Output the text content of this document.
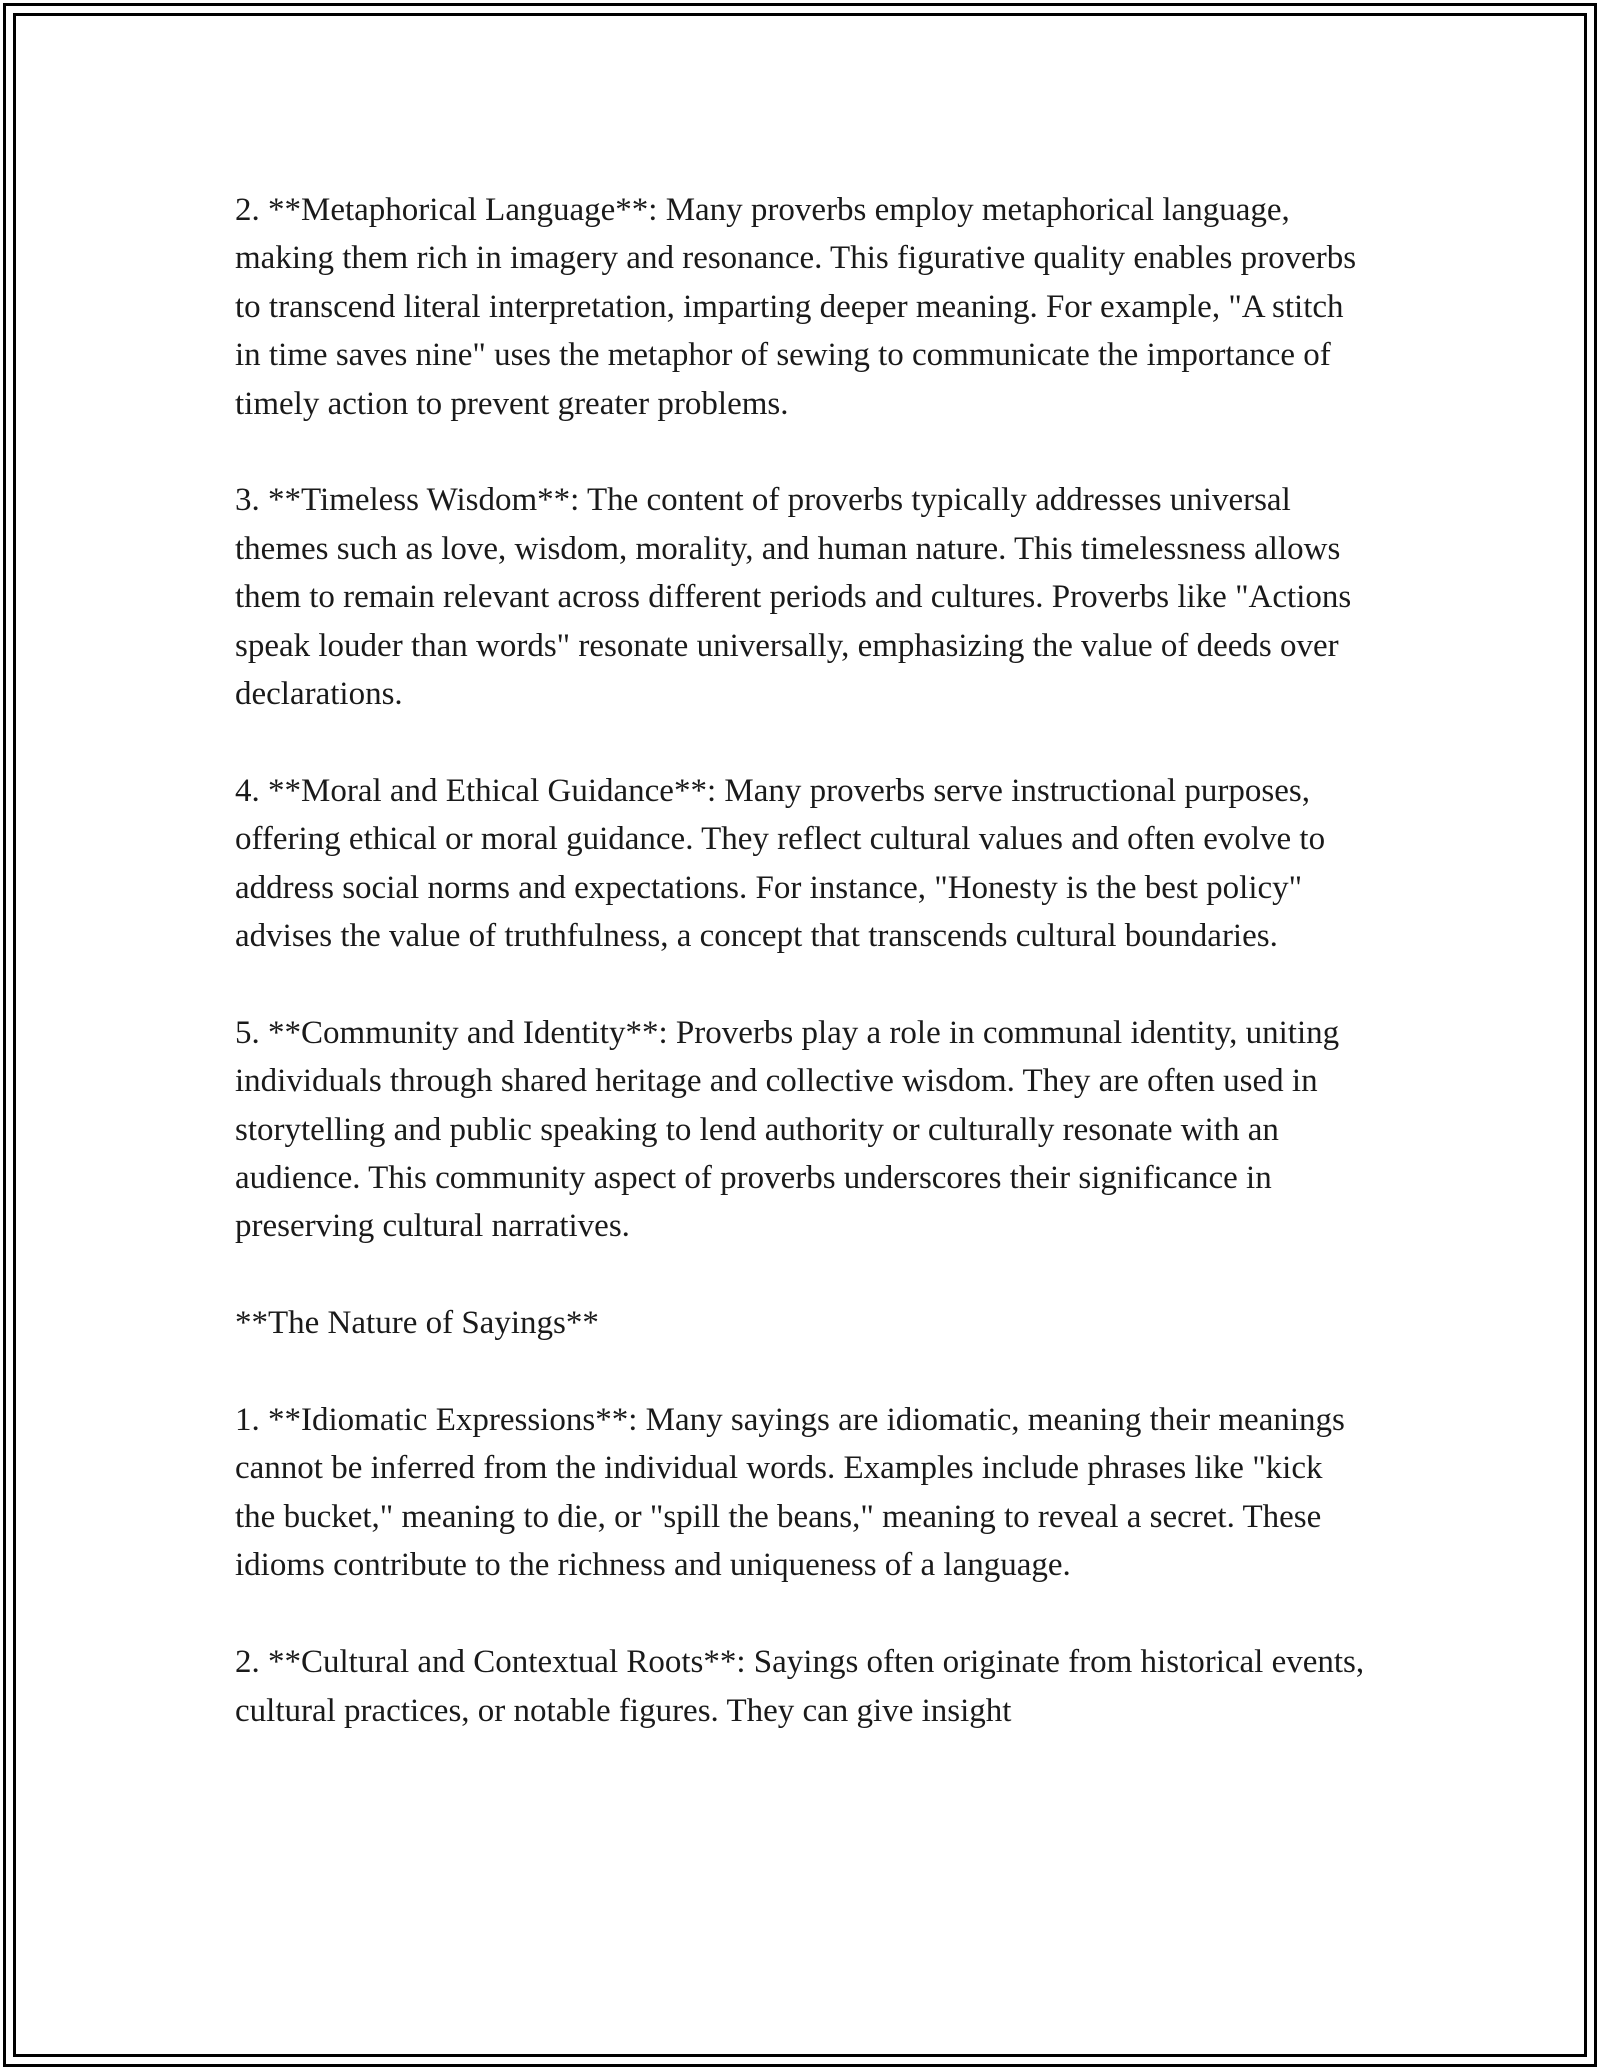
2. **Metaphorical Language**: Many proverbs employ metaphorical language, making them rich in imagery and resonance. This figurative quality enables proverbs to transcend literal interpretation, imparting deeper meaning. For example, "A stitch in time saves nine" uses the metaphor of sewing to communicate the importance of timely action to prevent greater problems.

3. **Timeless Wisdom**: The content of proverbs typically addresses universal themes such as love, wisdom, morality, and human nature. This timelessness allows them to remain relevant across different periods and cultures. Proverbs like "Actions speak louder than words" resonate universally, emphasizing the value of deeds over declarations.

4. **Moral and Ethical Guidance**: Many proverbs serve instructional purposes, offering ethical or moral guidance. They reflect cultural values and often evolve to address social norms and expectations. For instance, "Honesty is the best policy" advises the value of truthfulness, a concept that transcends cultural boundaries.

5. **Community and Identity**: Proverbs play a role in communal identity, uniting individuals through shared heritage and collective wisdom. They are often used in storytelling and public speaking to lend authority or culturally resonate with an audience. This community aspect of proverbs underscores their significance in preserving cultural narratives.

**The Nature of Sayings**

1. **Idiomatic Expressions**: Many sayings are idiomatic, meaning their meanings cannot be inferred from the individual words. Examples include phrases like "kick the bucket," meaning to die, or "spill the beans," meaning to reveal a secret. These idioms contribute to the richness and uniqueness of a language.

2. **Cultural and Contextual Roots**: Sayings often originate from historical events, cultural practices, or notable figures. They can give insight
